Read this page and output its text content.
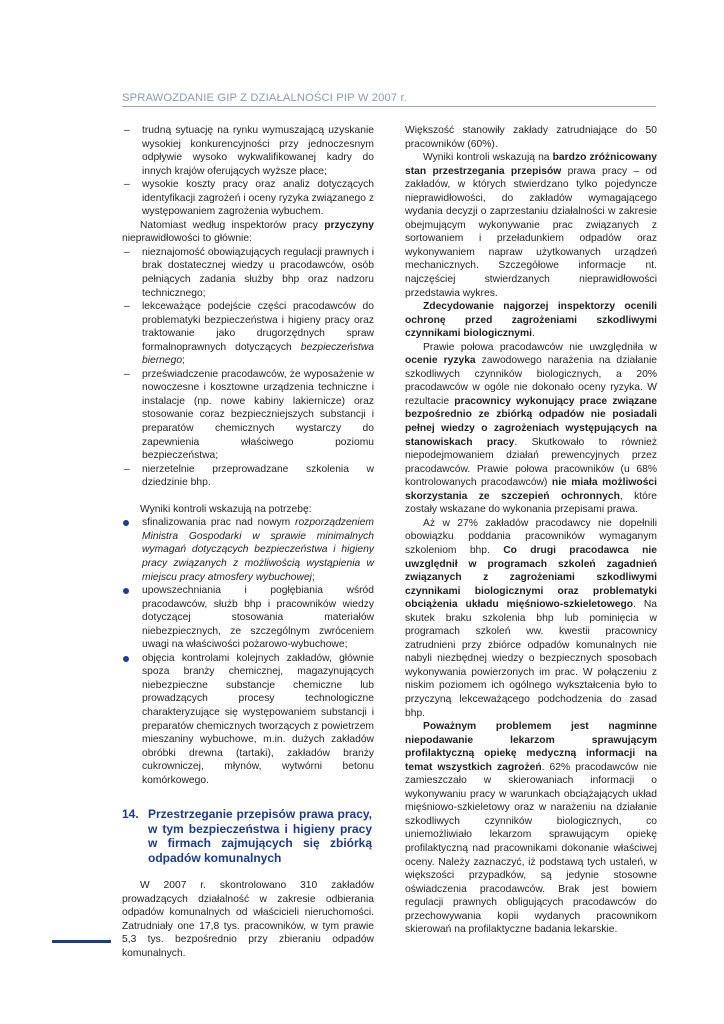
SPRAWOZDANIE GIP Z DZIAŁALNOŚCI PIP W 2007 r.
– trudną sytuację na rynku wymuszającą uzyskanie wysokiej konkurencyjności przy jednoczesnym odpływie wysoko wykwalifikowanej kadry do innych krajów oferujących wyższe płace;
– wysokie koszty pracy oraz analiz dotyczących identyfikacji zagrożeń i oceny ryzyka związanego z występowaniem zagrożenia wybuchem.

Natomiast według inspektorów pracy przyczyny nieprawidłowości to głównie:

– nieznajomość obowiązujących regulacji prawnych i brak dostatecznej wiedzy u pracodawców, osób pełniących zadania służby bhp oraz nadzoru technicznego;
– lekceważące podejście części pracodawców do problematyki bezpieczeństwa i higieny pracy oraz traktowanie jako drugorzędnych spraw formalnoprawnych dotyczących bezpieczeństwa biernego;
– przeświadczenie pracodawców, że wyposażenie w nowoczesne i kosztowne urządzenia techniczne i instalacje (np. nowe kabiny lakiernicze) oraz stosowanie coraz bezpieczniejszych substancji i preparatów chemicznych wystarczy do zapewnienia właściwego poziomu bezpieczeństwa;
– nierzetelnie przeprowadzane szkolenia w dziedzinie bhp.

Wyniki kontroli wskazują na potrzebę:

sfinalizowania prac nad nowym rozporządzeniem Ministra Gospodarki w sprawie minimalnych wymagań dotyczących bezpieczeństwa i higieny pracy związanych z możliwością wystąpienia w miejscu pracy atmosfery wybuchowej;
upowszechniania i pogłębiania wśród pracodawców, służb bhp i pracowników wiedzy dotyczącej stosowania materiałów niebezpiecznych, ze szczególnym zwróceniem uwagi na właściwości pożarowo-wybuchowe;
objęcia kontrolami kolejnych zakładów, głównie spoza branży chemicznej, magazynujących niebezpieczne substancje chemiczne lub prowadzących procesy technologiczne charakteryzujące się występowaniem substancji i preparatów chemicznych tworzących z powietrzem mieszaniny wybuchowe, m.in. dużych zakładów obróbki drewna (tartaki), zakładów branży cukrowniczej, młynów, wytwórni betonu komórkowego.
14. Przestrzeganie przepisów prawa pracy, w tym bezpieczeństwa i higieny pracy w firmach zajmujących się zbiórką odpadów komunalnych

W 2007 r. skontrolowano 310 zakładów prowadzących działalność w zakresie odbierania odpadów komunalnych od właścicieli nieruchomości. Zatrudniały one 17,8 tys. pracowników, w tym prawie 5,3 tys. bezpośrednio przy zbieraniu odpadów komunalnych.

Większość stanowiły zakłady zatrudniające do 50 pracowników (60%).

Wyniki kontroli wskazują na bardzo zróżnicowany stan przestrzegania przepisów prawa pracy – od zakładów, w których stwierdzano tylko pojedyncze nieprawidłowości, do zakładów wymagającego wydania decyzji o zaprzestaniu działalności w zakresie obejmującym wykonywanie prac związanych z sortowaniem i przeładunkiem odpadów oraz wykonywaniem napraw użytkowanych urządzeń mechanicznych. Szczegółowe informacje nt. najczęściej stwierdzanych nieprawidłowości przedstawia wykres.

Zdecydowanie najgorzej inspektorzy ocenili ochronę przed zagrożeniami szkodliwymi czynnikami biologicznymi.

Prawie połowa pracodawców nie uwzględniła w ocenie ryzyka zawodowego narażenia na działanie szkodliwych czynników biologicznych, a 20% pracodawców w ogóle nie dokonało oceny ryzyka. W rezultacie pracownicy wykonujący prace związane bezpośrednio ze zbiórką odpadów nie posiadali pełnej wiedzy o zagrożeniach występujących na stanowiskach pracy. Skutkowało to również niepodejmowaniem działań prewencyjnych przez pracodawców. Prawie połowa pracowników (u 68% kontrolowanych pracodawców) nie miała możliwości skorzystania ze szczepień ochronnych, które zostały wskazane do wykonania przepisami prawa.

Aż w 27% zakładów pracodawcy nie dopełnili obowiązku poddania pracowników wymaganym szkoleniom bhp. Co drugi pracodawca nie uwzględnił w programach szkoleń zagadnień związanych z zagrożeniami szkodliwymi czynnikami biologicznymi oraz problematyki obciążenia układu mięśniowo-szkieletowego. Na skutek braku szkolenia bhp lub pominięcia w programach szkoleń ww. kwestii pracownicy zatrudnieni przy zbiórce odpadów komunalnych nie nabyli niezbędnej wiedzy o bezpiecznych sposobach wykonywania powierzonych im prac. W połączeniu z niskim poziomem ich ogólnego wykształcenia było to przyczyną lekceważącego podchodzenia do zasad bhp.

Poważnym problemem jest nagminne niepodawanie lekarzom sprawującym profilaktyczną opiekę medyczną informacji na temat wszystkich zagrożeń. 62% pracodawców nie zamieszczało w skierowaniach informacji o wykonywaniu pracy w warunkach obciążających układ mięśniowo-szkieletowy oraz w narażeniu na działanie szkodliwych czynników biologicznych, co uniemożliwiało lekarzom sprawującym opiekę profilaktyczną nad pracownikami dokonanie właściwej oceny. Należy zaznaczyć, iż podstawą tych ustaleń, w większości przypadków, są jedynie stosowne oświadczenia pracodawców. Brak jest bowiem regulacji prawnych obligujących pracodawców do przechowywania kopii wydanych pracownikom skierowań na profilaktyczne badania lekarskie.
